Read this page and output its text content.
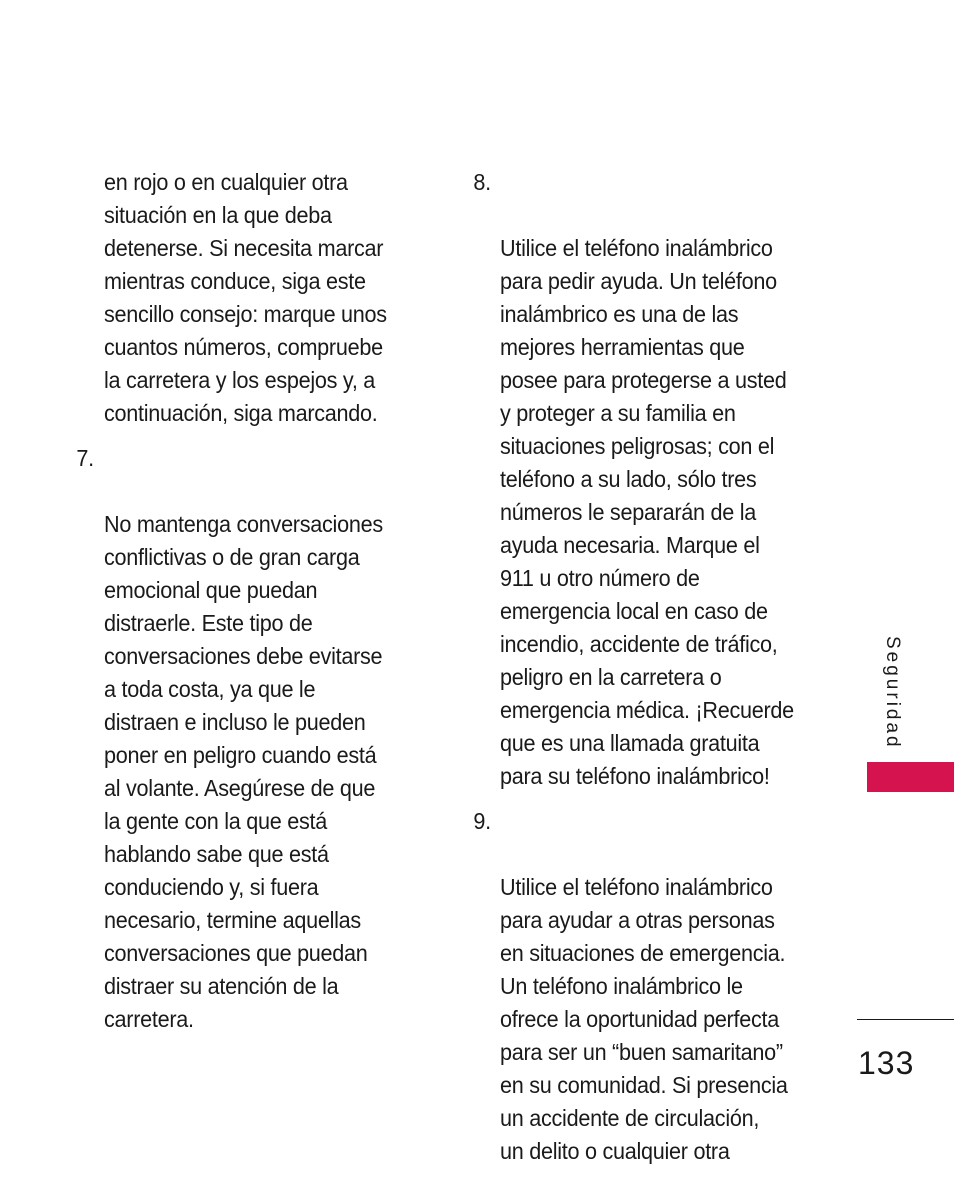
en rojo o en cualquier otra
situación en la que deba
detenerse. Si necesita marcar
mientras conduce, siga este
sencillo consejo: marque unos
cuantos números, compruebe
la carretera y los espejos y, a
continuación, siga marcando.

7.

No mantenga conversaciones
conflictivas o de gran carga
emocional que puedan
distraerle. Este tipo de
conversaciones debe evitarse
a toda costa, ya que le
distraen e incluso le pueden
poner en peligro cuando está
al volante. Asegúrese de que
la gente con la que está
hablando sabe que está
conduciendo y, si fuera
necesario, termine aquellas
conversaciones que puedan
distraer su atención de la
carretera.

8.

Utilice el teléfono inalámbrico
para pedir ayuda. Un teléfono
inalámbrico es una de las
mejores herramientas que
posee para protegerse a usted
y proteger a su familia en
situaciones peligrosas; con el
teléfono a su lado, sólo tres
números le separarán de la
ayuda necesaria. Marque el
911 u otro número de
emergencia local en caso de
incendio, accidente de tráfico,
peligro en la carretera o
emergencia médica. ¡Recuerde
que es una llamada gratuita
para su teléfono inalámbrico!

9.

Utilice el teléfono inalámbrico
para ayudar a otras personas
en situaciones de emergencia.
Un teléfono inalámbrico le
ofrece la oportunidad perfecta
para ser un “buen samaritano”
en su comunidad. Si presencia
un accidente de circulación,
un delito o cualquier otra

Seguridad
133
